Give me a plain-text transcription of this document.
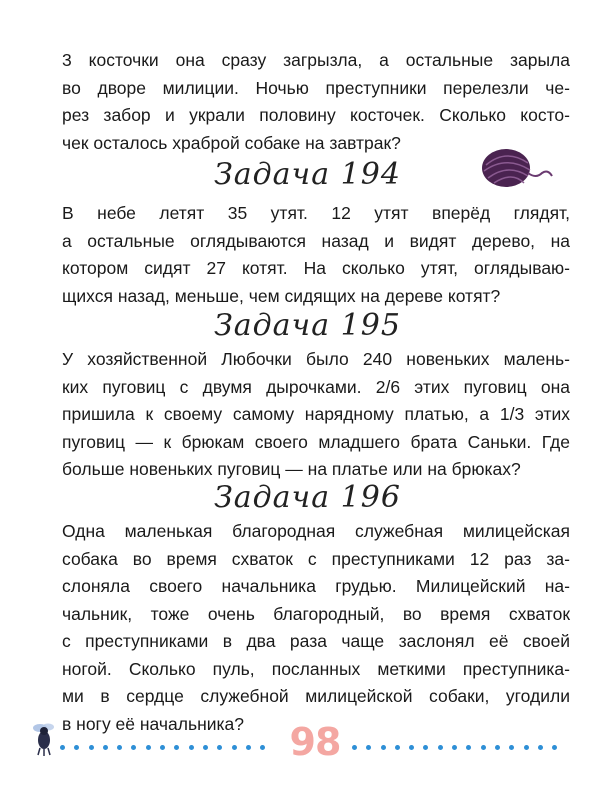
3 косточки она сразу загрызла, а остальные зарыла
во дворе милиции. Ночью преступники перелезли че-
рез забор и украли половину косточек. Сколько косто-
чек осталось храброй собаке на завтрак?
Задача 194
В небе летят 35 утят. 12 утят вперёд глядят,
а остальные оглядываются назад и видят дерево, на
котором сидят 27 котят. На сколько утят, оглядываю-
щихся назад, меньше, чем сидящих на дереве котят?
Задача 195
У хозяйственной Любочки было 240 новеньких малень-
ких пуговиц с двумя дырочками. 2/6 этих пуговиц она
пришила к своему самому нарядному платью, а 1/3 этих
пуговиц — к брюкам своего младшего брата Саньки. Где
больше новеньких пуговиц — на платье или на брюках?
Задача 196
Одна маленькая благородная служебная милицейская
собака во время схваток с преступниками 12 раз за-
слоняла своего начальника грудью. Милицейский на-
чальник, тоже очень благородный, во время схваток
с преступниками в два раза чаще заслонял её своей
ногой. Сколько пуль, посланных меткими преступника-
ми в сердце служебной милицейской собаки, угодили
в ногу её начальника?	98
